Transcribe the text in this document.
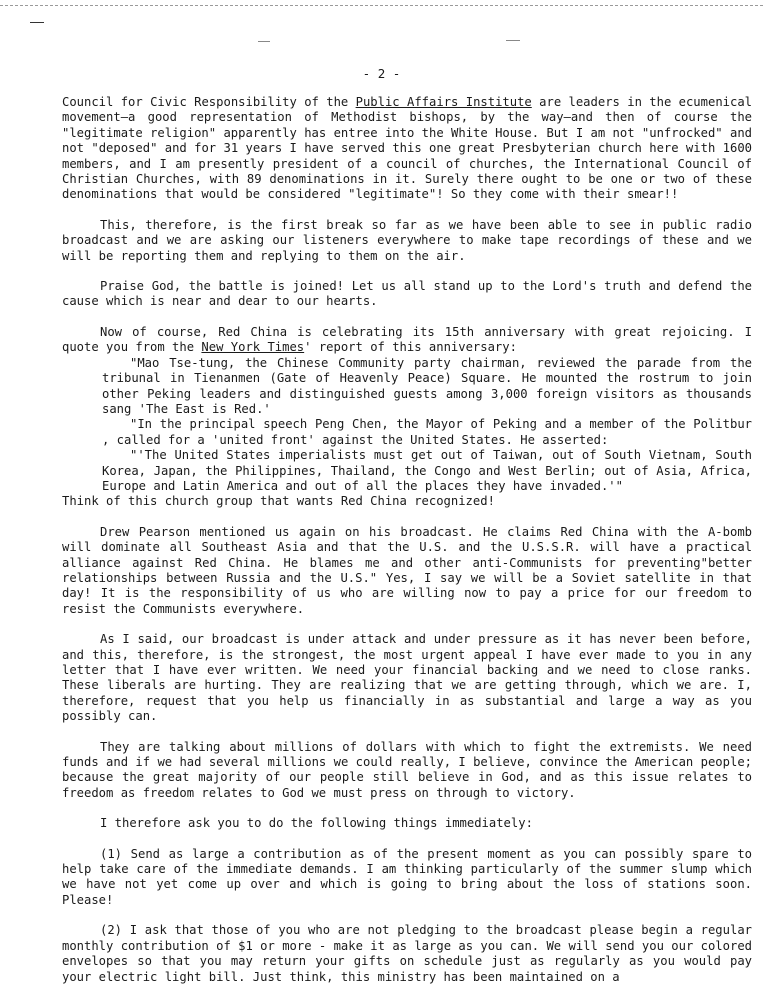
- 2 -

Council for Civic Responsibility of the Public Affairs Institute are leaders in the ecumenical movement—a good representation of Methodist bishops, by the way—and then of course the "legitimate religion" apparently has entree into the White House. But I am not "unfrocked" and not "deposed" and for 31 years I have served this one great Presbyterian church here with 1600 members, and I am presently president of a council of churches, the International Council of Christian Churches, with 89 denominations in it. Surely there ought to be one or two of these denominations that would be considered "legitimate"! So they come with their smear!!

This, therefore, is the first break so far as we have been able to see in public radio broadcast and we are asking our listeners everywhere to make tape recordings of these and we will be reporting them and replying to them on the air.

Praise God, the battle is joined! Let us all stand up to the Lord's truth and defend the cause which is near and dear to our hearts.

Now of course, Red China is celebrating its 15th anniversary with great rejoicing. I quote you from the New York Times' report of this anniversary:

"Mao Tse-tung, the Chinese Community party chairman, reviewed the parade from the tribunal in Tienanmen (Gate of Heavenly Peace) Square. He mounted the rostrum to join other Peking leaders and distinguished guests among 3,000 foreign visitors as thousands sang 'The East is Red.'

"In the principal speech Peng Chen, the Mayor of Peking and a member of the Politbur , called for a 'united front' against the United States. He asserted:

"'The United States imperialists must get out of Taiwan, out of South Vietnam, South Korea, Japan, the Philippines, Thailand, the Congo and West Berlin; out of Asia, Africa, Europe and Latin America and out of all the places they have invaded.'"

Think of this church group that wants Red China recognized!

Drew Pearson mentioned us again on his broadcast. He claims Red China with the A-bomb will dominate all Southeast Asia and that the U.S. and the U.S.S.R. will have a practical alliance against Red China. He blames me and other anti-Communists for preventing"better relationships between Russia and the U.S." Yes, I say we will be a Soviet satellite in that day! It is the responsibility of us who are willing now to pay a price for our freedom to resist the Communists everywhere.

As I said, our broadcast is under attack and under pressure as it has never been before, and this, therefore, is the strongest, the most urgent appeal I have ever made to you in any letter that I have ever written. We need your financial backing and we need to close ranks. These liberals are hurting. They are realizing that we are getting through, which we are. I, therefore, request that you help us financially in as substantial and large a way as you possibly can.

They are talking about millions of dollars with which to fight the extremists. We need funds and if we had several millions we could really, I believe, convince the American people; because the great majority of our people still believe in God, and as this issue relates to freedom as freedom relates to God we must press on through to victory.

I therefore ask you to do the following things immediately:

(1) Send as large a contribution as of the present moment as you can possibly spare to help take care of the immediate demands. I am thinking particularly of the summer slump which we have not yet come up over and which is going to bring about the loss of stations soon. Please!

(2) I ask that those of you who are not pledging to the broadcast please begin a regular monthly contribution of $1 or more - make it as large as you can. We will send you our colored envelopes so that you may return your gifts on schedule just as regularly as you would pay your electric light bill. Just think, this ministry has been maintained on a
